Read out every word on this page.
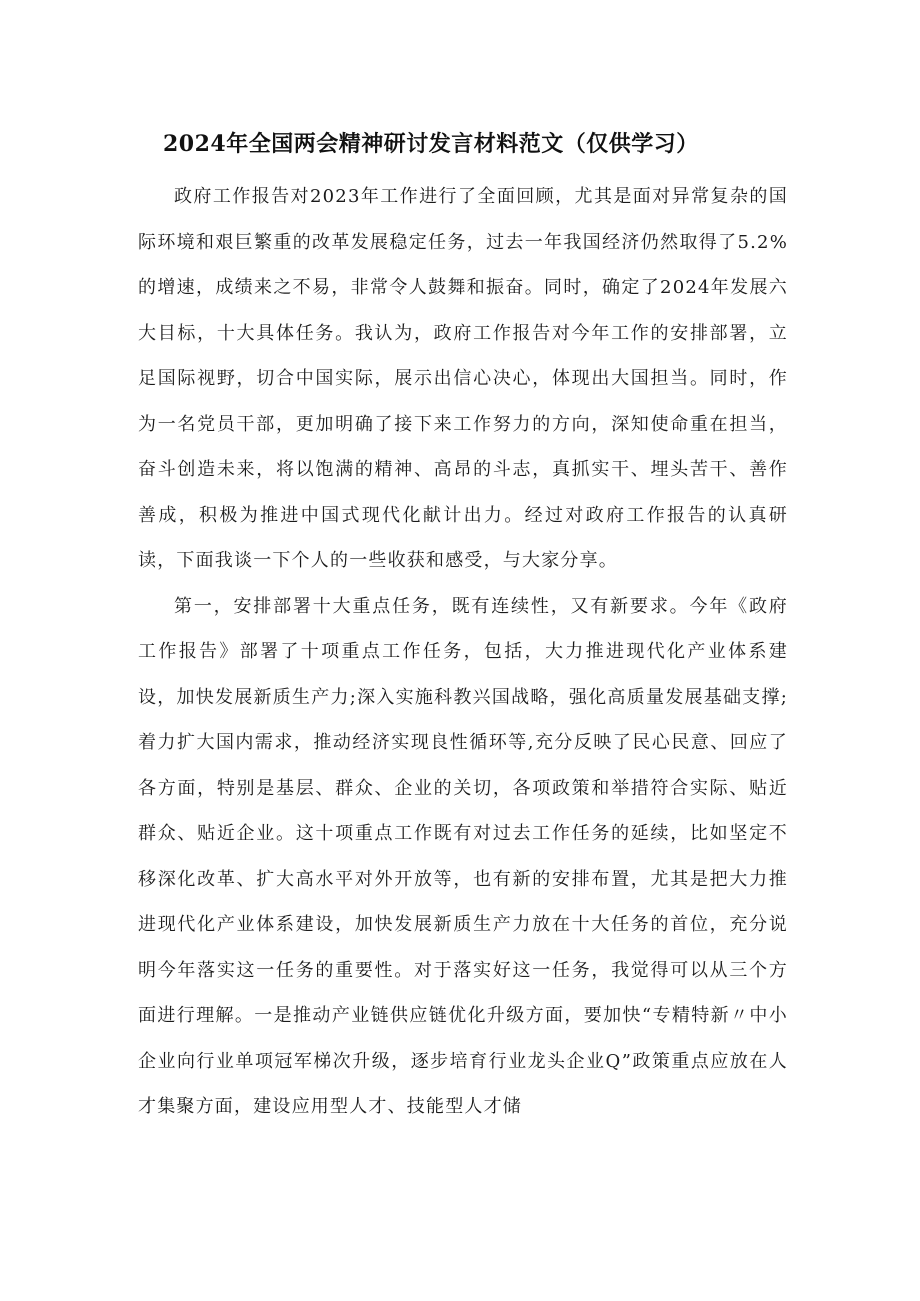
2024年全国两会精神研讨发言材料范文（仅供学习）

政府工作报告对2023年工作进行了全面回顾，尤其是面对异常复杂的国际环境和艰巨繁重的改革发展稳定任务，过去一年我国经济仍然取得了5.2%的增速，成绩来之不易，非常令人鼓舞和振奋。同时，确定了2024年发展六大目标，十大具体任务。我认为，政府工作报告对今年工作的安排部署，立足国际视野，切合中国实际，展示出信心决心，体现出大国担当。同时，作为一名党员干部，更加明确了接下来工作努力的方向，深知使命重在担当，奋斗创造未来，将以饱满的精神、高昂的斗志，真抓实干、埋头苦干、善作善成，积极为推进中国式现代化献计出力。经过对政府工作报告的认真研读，下面我谈一下个人的一些收获和感受，与大家分享。

第一，安排部署十大重点任务，既有连续性，又有新要求。今年《政府工作报告》部署了十项重点工作任务，包括，大力推进现代化产业体系建设，加快发展新质生产力;深入实施科教兴国战略，强化高质量发展基础支撑;着力扩大国内需求，推动经济实现良性循环等,充分反映了民心民意、回应了各方面，特别是基层、群众、企业的关切，各项政策和举措符合实际、贴近群众、贴近企业。这十项重点工作既有对过去工作任务的延续，比如坚定不移深化改革、扩大高水平对外开放等，也有新的安排布置，尤其是把大力推进现代化产业体系建设，加快发展新质生产力放在十大任务的首位，充分说明今年落实这一任务的重要性。对于落实好这一任务，我觉得可以从三个方面进行理解。一是推动产业链供应链优化升级方面，要加快“专精特新〃中小企业向行业单项冠军梯次升级，逐步培育行业龙头企业Q”政策重点应放在人才集聚方面，建设应用型人才、技能型人才储
